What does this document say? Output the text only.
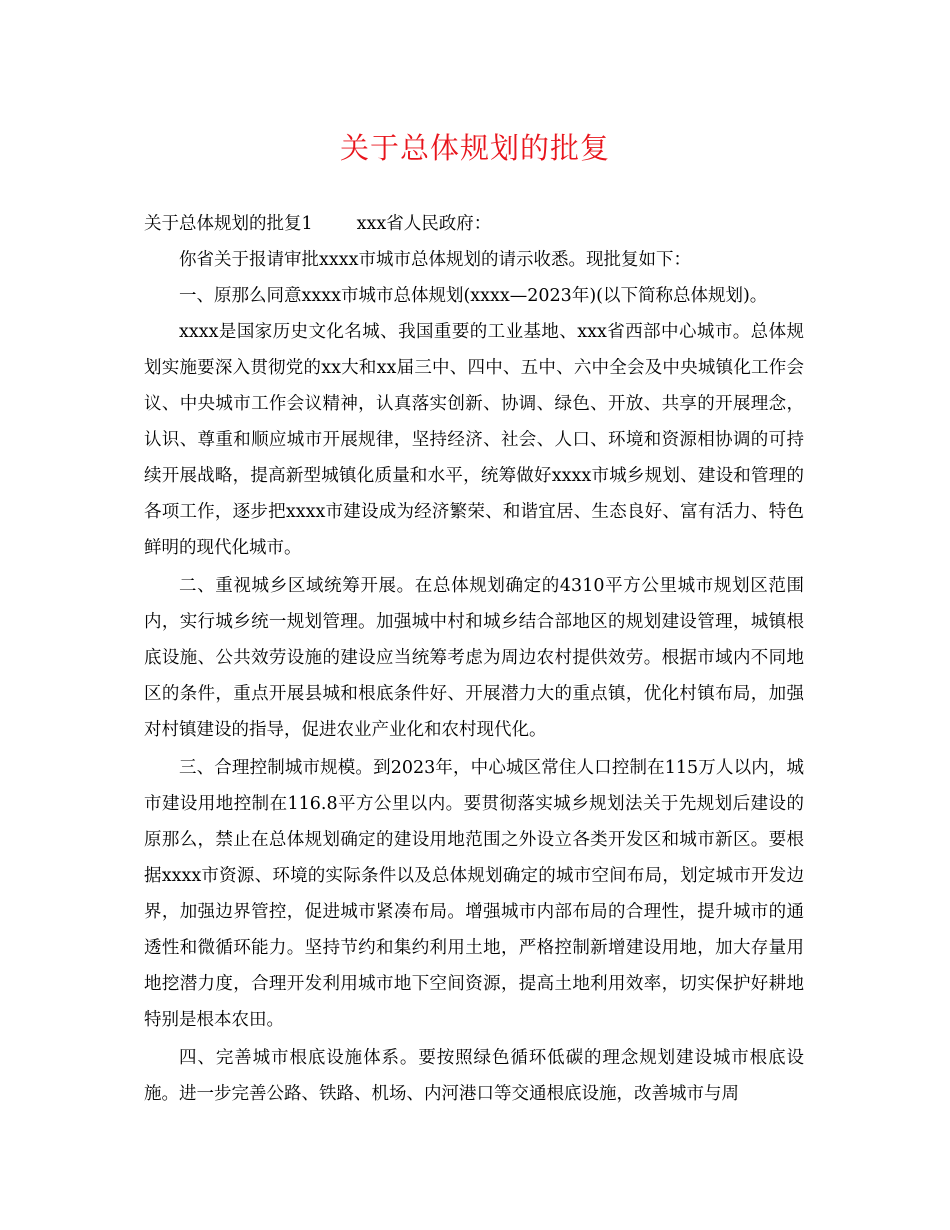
关于总体规划的批复

关于总体规划的批复1	xxx省人民政府：

你省关于报请审批xxxx市城市总体规划的请示收悉。现批复如下：

一、原那么同意xxxx市城市总体规划(xxxx—2023年)(以下简称总体规划)。

xxxx是国家历史文化名城、我国重要的工业基地、xxx省西部中心城市。总体规划实施要深入贯彻党的xx大和xx届三中、四中、五中、六中全会及中央城镇化工作会议、中央城市工作会议精神，认真落实创新、协调、绿色、开放、共享的开展理念，认识、尊重和顺应城市开展规律，坚持经济、社会、人口、环境和资源相协调的可持续开展战略，提高新型城镇化质量和水平，统筹做好xxxx市城乡规划、建设和管理的各项工作，逐步把xxxx市建设成为经济繁荣、和谐宜居、生态良好、富有活力、特色鲜明的现代化城市。

二、重视城乡区域统筹开展。在总体规划确定的4310平方公里城市规划区范围内，实行城乡统一规划管理。加强城中村和城乡结合部地区的规划建设管理，城镇根底设施、公共效劳设施的建设应当统筹考虑为周边农村提供效劳。根据市域内不同地区的条件，重点开展县城和根底条件好、开展潜力大的重点镇，优化村镇布局，加强对村镇建设的指导，促进农业产业化和农村现代化。

三、合理控制城市规模。到2023年，中心城区常住人口控制在115万人以内，城市建设用地控制在116.8平方公里以内。要贯彻落实城乡规划法关于先规划后建设的原那么，禁止在总体规划确定的建设用地范围之外设立各类开发区和城市新区。要根据xxxx市资源、环境的实际条件以及总体规划确定的城市空间布局，划定城市开发边界，加强边界管控，促进城市紧凑布局。增强城市内部布局的合理性，提升城市的通透性和微循环能力。坚持节约和集约利用土地，严格控制新增建设用地，加大存量用地挖潜力度，合理开发利用城市地下空间资源，提高土地利用效率，切实保护好耕地特别是根本农田。

四、完善城市根底设施体系。要按照绿色循环低碳的理念规划建设城市根底设施。进一步完善公路、铁路、机场、内河港口等交通根底设施，改善城市与周
